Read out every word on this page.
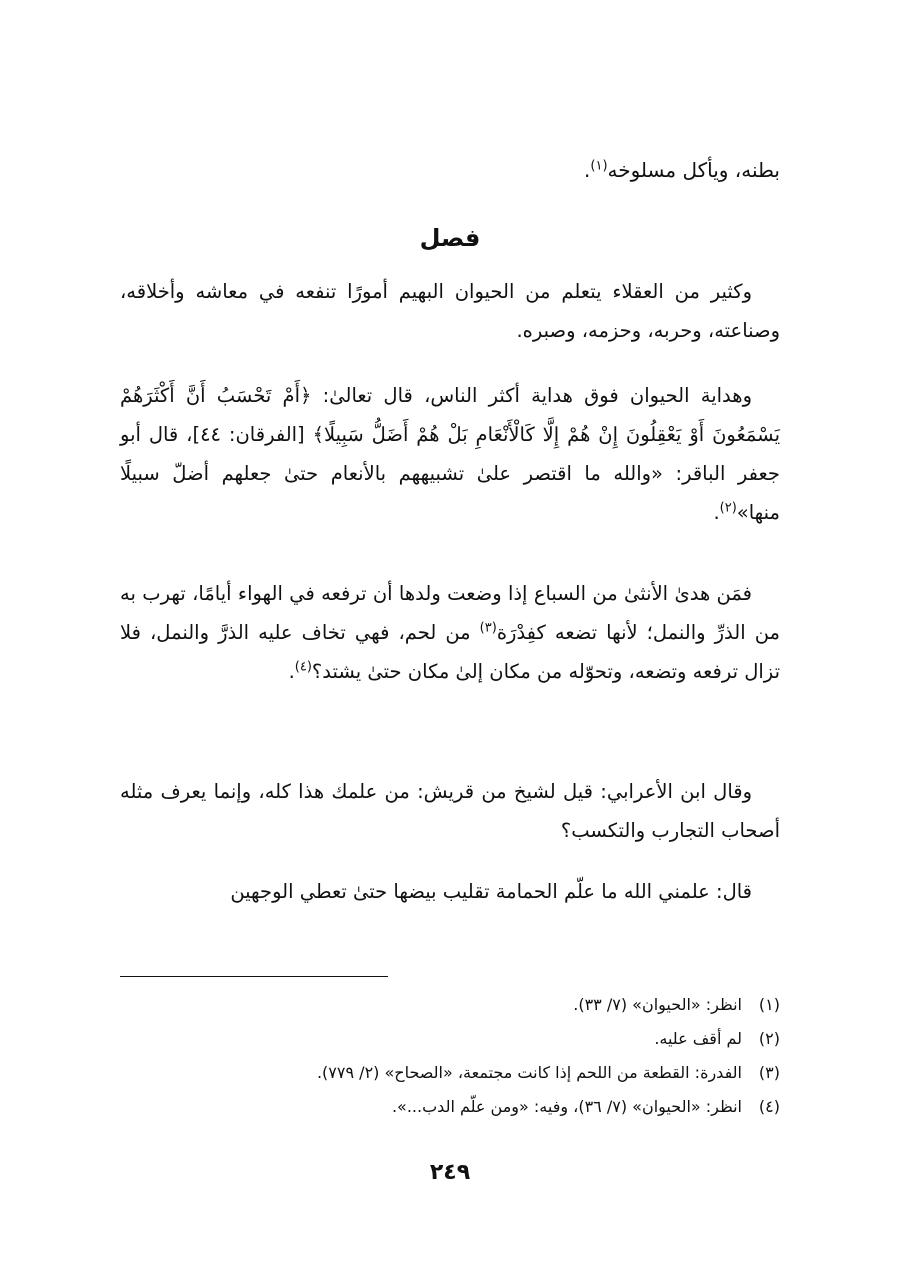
بطنه، ويأكل مسلوخه$^{(١)}$.
فصل

وكثير من العقلاء يتعلم من الحيوان البهيم أمورًا تنفعه في معاشه وأخلاقه، وصناعته، وحربه، وحزمه، وصبره.

وهداية الحيوان فوق هداية أكثر الناس، قال تعالىٰ: ﴿أَمْ تَحْسَبُ أَنَّ أَكْثَرَهُمْ يَسْمَعُونَ أَوْ يَعْقِلُونَ إِنْ هُمْ إِلَّا كَالْأَنْعَامِ بَلْ هُمْ أَضَلُّ سَبِيلًا﴾ [الفرقان: ٤٤]، قال أبو جعفر الباقر: «والله ما اقتصر علىٰ تشبيههم بالأنعام حتىٰ جعلهم أضلّ سبيلًا منها»$^{(٢)}$.

فمَن هدىٰ الأنثىٰ من السباع إذا وضعت ولدها أن ترفعه في الهواء أيامًا، تهرب به من الذرِّ والنمل؛ لأنها تضعه كفِدْرَة$^{(٣)}$ من لحم، فهي تخاف عليه الذرَّ والنمل، فلا تزال ترفعه وتضعه، وتحوّله من مكان إلىٰ مكان حتىٰ يشتد؟$^{(٤)}$.

وقال ابن الأعرابي: قيل لشيخ من قريش: من علمك هذا كله، وإنما يعرف مثله أصحاب التجارب والتكسب؟

قال: علمني الله ما علّم الحمامة تقليب بيضها حتىٰ تعطي الوجهين

(١)
انظر: «الحيوان» (٧/ ٣٣).
(٢)
لم أقف عليه.
(٣)
الفدرة: القطعة من اللحم إذا كانت مجتمعة، «الصحاح» (٢/ ٧٧٩).
(٤)
انظر: «الحيوان» (٧/ ٣٦)، وفيه: «ومن علّم الدب...».
٢٤٩
